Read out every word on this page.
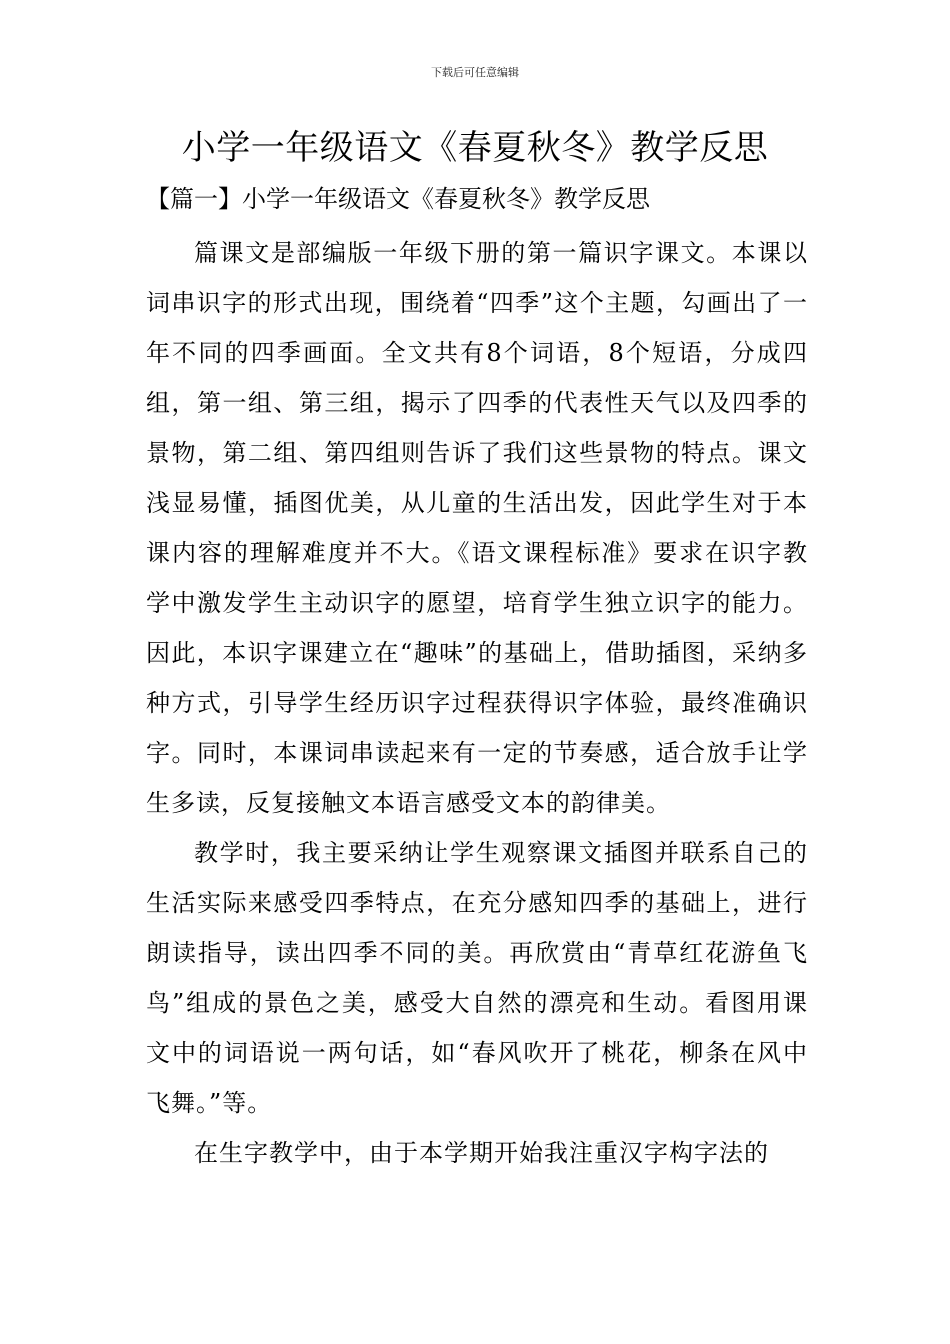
下载后可任意编辑
小学一年级语文《春夏秋冬》教学反思
【篇一】小学一年级语文《春夏秋冬》教学反思

篇课文是部编版一年级下册的第一篇识字课文。本课以词串识字的形式出现，围绕着“四季”这个主题，勾画出了一年不同的四季画面。全文共有8个词语，8个短语，分成四组，第一组、第三组，揭示了四季的代表性天气以及四季的景物，第二组、第四组则告诉了我们这些景物的特点。课文浅显易懂，插图优美，从儿童的生活出发，因此学生对于本课内容的理解难度并不大。《语文课程标准》要求在识字教学中激发学生主动识字的愿望，培育学生独立识字的能力。因此，本识字课建立在“趣味”的基础上，借助插图，采纳多种方式，引导学生经历识字过程获得识字体验，最终准确识字。同时，本课词串读起来有一定的节奏感，适合放手让学生多读，反复接触文本语言感受文本的韵律美。

教学时，我主要采纳让学生观察课文插图并联系自己的生活实际来感受四季特点，在充分感知四季的基础上，进行朗读指导，读出四季不同的美。再欣赏由“青草红花游鱼飞鸟”组成的景色之美，感受大自然的漂亮和生动。看图用课文中的词语说一两句话，如“春风吹开了桃花，柳条在风中飞舞。”等。

在生字教学中，由于本学期开始我注重汉字构字法的
